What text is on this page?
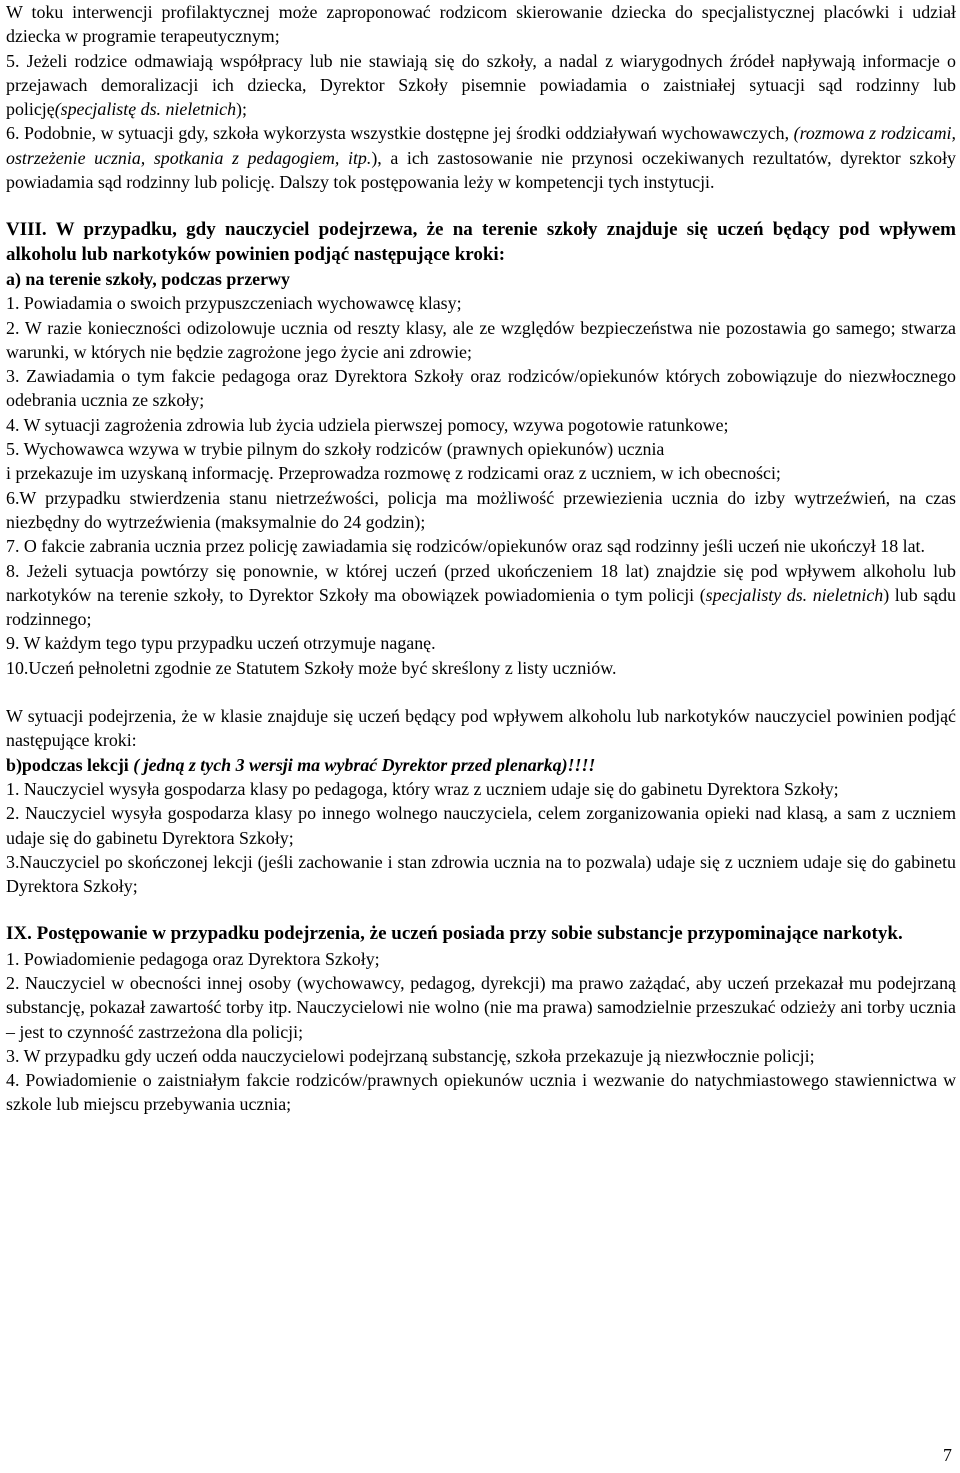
W toku interwencji profilaktycznej może zaproponować rodzicom skierowanie dziecka do specjalistycznej placówki i udział dziecka w programie terapeutycznym;

5. Jeżeli rodzice odmawiają współpracy lub nie stawiają się do szkoły, a nadal z wiarygodnych źródeł napływają informacje o przejawach demoralizacji ich dziecka, Dyrektor Szkoły pisemnie powiadamia o zaistniałej sytuacji sąd rodzinny lub policję(specjalistę ds. nieletnich);

6. Podobnie, w sytuacji gdy, szkoła wykorzysta wszystkie dostępne jej środki oddziaływań wychowawczych, (rozmowa z rodzicami, ostrzeżenie ucznia, spotkania z pedagogiem, itp.), a ich zastosowanie nie przynosi oczekiwanych rezultatów, dyrektor szkoły powiadamia sąd rodzinny lub policję. Dalszy tok postępowania leży w kompetencji tych instytucji.

VIII. W przypadku, gdy nauczyciel podejrzewa, że na terenie szkoły znajduje się uczeń będący pod wpływem alkoholu lub narkotyków powinien podjąć następujące kroki:

a) na terenie szkoły, podczas przerwy

1. Powiadamia o swoich przypuszczeniach wychowawcę klasy;

2. W razie konieczności odizolowuje ucznia od reszty klasy, ale ze względów bezpieczeństwa nie pozostawia go samego; stwarza warunki, w których nie będzie zagrożone jego życie ani zdrowie;

3. Zawiadamia o tym fakcie pedagoga oraz Dyrektora Szkoły oraz rodziców/opiekunów których zobowiązuje do niezwłocznego odebrania ucznia ze szkoły;

4. W sytuacji zagrożenia zdrowia lub życia udziela pierwszej pomocy, wzywa pogotowie ratunkowe;

5. Wychowawca wzywa w trybie pilnym do szkoły rodziców (prawnych opiekunów) ucznia

i przekazuje im uzyskaną informację. Przeprowadza rozmowę z rodzicami oraz z uczniem, w ich obecności;

6.W przypadku stwierdzenia stanu nietrzeźwości, policja ma możliwość przewiezienia ucznia do izby wytrzeźwień, na czas niezbędny do wytrzeźwienia (maksymalnie do 24 godzin);

7. O fakcie zabrania ucznia przez policję zawiadamia się rodziców/opiekunów oraz sąd rodzinny jeśli uczeń nie ukończył 18 lat.

8. Jeżeli sytuacja powtórzy się ponownie, w której uczeń (przed ukończeniem 18 lat) znajdzie się pod wpływem alkoholu lub narkotyków na terenie szkoły, to Dyrektor Szkoły ma obowiązek powiadomienia o tym policji (specjalisty ds. nieletnich) lub sądu rodzinnego;

9. W każdym tego typu przypadku uczeń otrzymuje naganę.

10.Uczeń pełnoletni zgodnie ze Statutem Szkoły może być skreślony z listy uczniów.

W sytuacji podejrzenia, że w klasie znajduje się uczeń będący pod wpływem alkoholu lub narkotyków nauczyciel powinien podjąć następujące kroki:

b)podczas lekcji ( jedną z tych 3 wersji ma wybrać Dyrektor przed plenarką)!!!!

1. Nauczyciel wysyła gospodarza klasy po pedagoga, który wraz z uczniem udaje się do gabinetu Dyrektora Szkoły;

2. Nauczyciel wysyła gospodarza klasy po innego wolnego nauczyciela, celem zorganizowania opieki nad klasą, a sam z uczniem udaje się do gabinetu Dyrektora Szkoły;

3.Nauczyciel po skończonej lekcji (jeśli zachowanie i stan zdrowia ucznia na to pozwala) udaje się z uczniem udaje się do gabinetu Dyrektora Szkoły;

IX. Postępowanie w przypadku podejrzenia, że uczeń posiada przy sobie substancje przypominające narkotyk.

1. Powiadomienie pedagoga oraz Dyrektora Szkoły;

2. Nauczyciel w obecności innej osoby (wychowawcy, pedagog, dyrekcji) ma prawo zażądać, aby uczeń przekazał mu podejrzaną substancję, pokazał zawartość torby itp. Nauczycielowi nie wolno (nie ma prawa) samodzielnie przeszukać odzieży ani torby ucznia – jest to czynność zastrzeżona dla policji;

3. W przypadku gdy uczeń odda nauczycielowi podejrzaną substancję, szkoła przekazuje ją niezwłocznie policji;

4. Powiadomienie o zaistniałym fakcie rodziców/prawnych opiekunów ucznia i wezwanie do natychmiastowego stawiennictwa w szkole lub miejscu przebywania ucznia;

7
